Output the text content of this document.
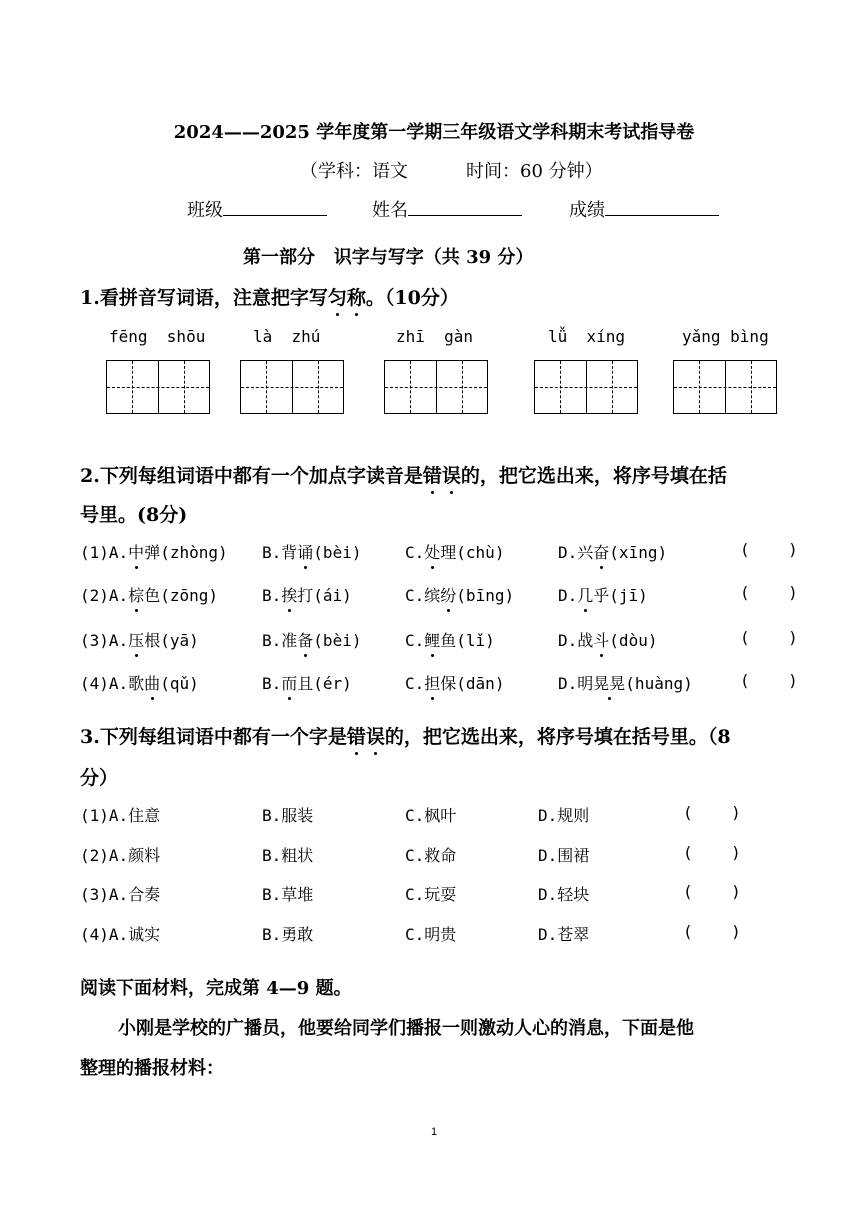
2024——2025 学年度第一学期三年级语文学科期末考试指导卷
（学科：语文	时间：60 分钟）
班级	姓名	成绩
第一部分   识字与写字（共 39 分）
1.看拼音写词语，注意把字写匀称。（10分）
fēng  shōu	là  zhú	zhī  gàn	lǚ  xíng	yǎng bìng
2.下列每组词语中都有一个加点字读音是错误的，把它选出来，将序号填在括
号里。(8分)
(1)A.中弹(zhòng) B.背诵(bèi)	C.处理(chù)	D.兴奋(xīng)	(    )
(2)A.棕色(zōng)	B.挨打(ái)	C.缤纷(bīng)	D.几乎(jī)	(    )
(3)A.压根(yā)	B.准备(bèi)	C.鲤鱼(lǐ)	D.战斗(dòu)	(    )
(4)A.歌曲(qǔ)	B.而且(ér)	C.担保(dān)	D.明晃晃(huàng)	(    )
3.下列每组词语中都有一个字是错误的，把它选出来，将序号填在括号里。（8
分）
(1)A.住意	B.服装	C.枫叶	D.规则	(    )
(2)A.颜料	B.粗状	C.救命	D.围裙	(    )
(3)A.合奏	B.草堆	C.玩耍	D.轻块	(    )
(4)A.诚实	B.勇敢	C.明贵	D.苍翠	(    )
阅读下面材料，完成第 4—9 题。
小刚是学校的广播员，他要给同学们播报一则激动人心的消息，下面是他
整理的播报材料：
1
